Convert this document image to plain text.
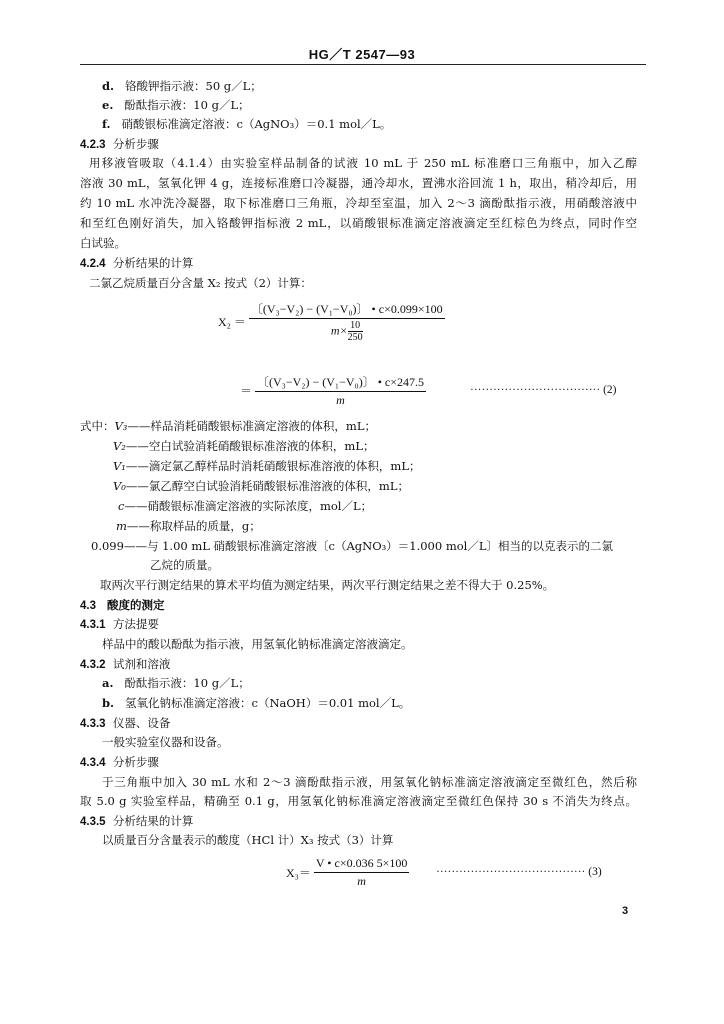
HG／T 2547—93
d. 铬酸钾指示液：50 g／L；
e. 酚酞指示液：10 g／L；
f. 硝酸银标准滴定溶液：c（AgNO₃）＝0.1 mol／L。
4.2.3 分析步骤
用移液管吸取（4.1.4）由实验室样品制备的试液 10 mL 于 250 mL 标准磨口三角瓶中，加入乙醇
溶液 30 mL，氢氧化钾 4 g，连接标准磨口冷凝器，通冷却水，置沸水浴回流 1 h，取出，稍冷却后，用
约 10 mL 水冲洗冷凝器，取下标准磨口三角瓶，冷却至室温，加入 2～3 滴酚酞指示液，用硝酸溶液中
和至红色刚好消失，加入铬酸钾指标液 2 mL，以硝酸银标准滴定溶液滴定至红棕色为终点，同时作空
白试验。
4.2.4 分析结果的计算
二氯乙烷质量百分含量 X₂ 按式（2）计算：
$X_2 = \frac{\text{〔(V₃−V₂) − (V₁−V₀)〕 • c×0.099×100}}{m\times \frac{10}{250}}$
＝ $\frac{\text{〔(V₃−V₂) − (V₁−V₀)〕 • c×247.5}}{m}$	·································· (2)
式中：V₃——样品消耗硝酸银标准滴定溶液的体积，mL；
V₂——空白试验消耗硝酸银标准溶液的体积，mL；
V₁——滴定氯乙醇样品时消耗硝酸银标准溶液的体积，mL；
V₀——氯乙醇空白试验消耗硝酸银标准溶液的体积，mL；
c——硝酸银标准滴定溶液的实际浓度，mol／L；
m——称取样品的质量，g；
0.099——与 1.00 mL 硝酸银标准滴定溶液〔c（AgNO₃）＝1.000 mol／L〕相当的以克表示的二氯
乙烷的质量。
取两次平行测定结果的算术平均值为测定结果，两次平行测定结果之差不得大于 0.25%。
4.3 酸度的测定
4.3.1 方法提要
样品中的酸以酚酞为指示液，用氢氧化钠标准滴定溶液滴定。
4.3.2 试剂和溶液
a. 酚酞指示液：10 g／L；
b. 氢氧化钠标准滴定溶液：c（NaOH）＝0.01 mol／L。
4.3.3 仪器、设备
一般实验室仪器和设备。
4.3.4 分析步骤
于三角瓶中加入 30 mL 水和 2～3 滴酚酞指示液，用氢氧化钠标准滴定溶液滴定至微红色，然后称
取 5.0 g 实验室样品，精确至 0.1 g，用氢氧化钠标准滴定溶液滴定至微红色保持 30 s 不消失为终点。
4.3.5 分析结果的计算
以质量百分含量表示的酸度（HCl 计）X₃ 按式（3）计算
$X_3= \frac{V • c\times 0.036 5\times 100}{m}$ ······································· (3)
3
